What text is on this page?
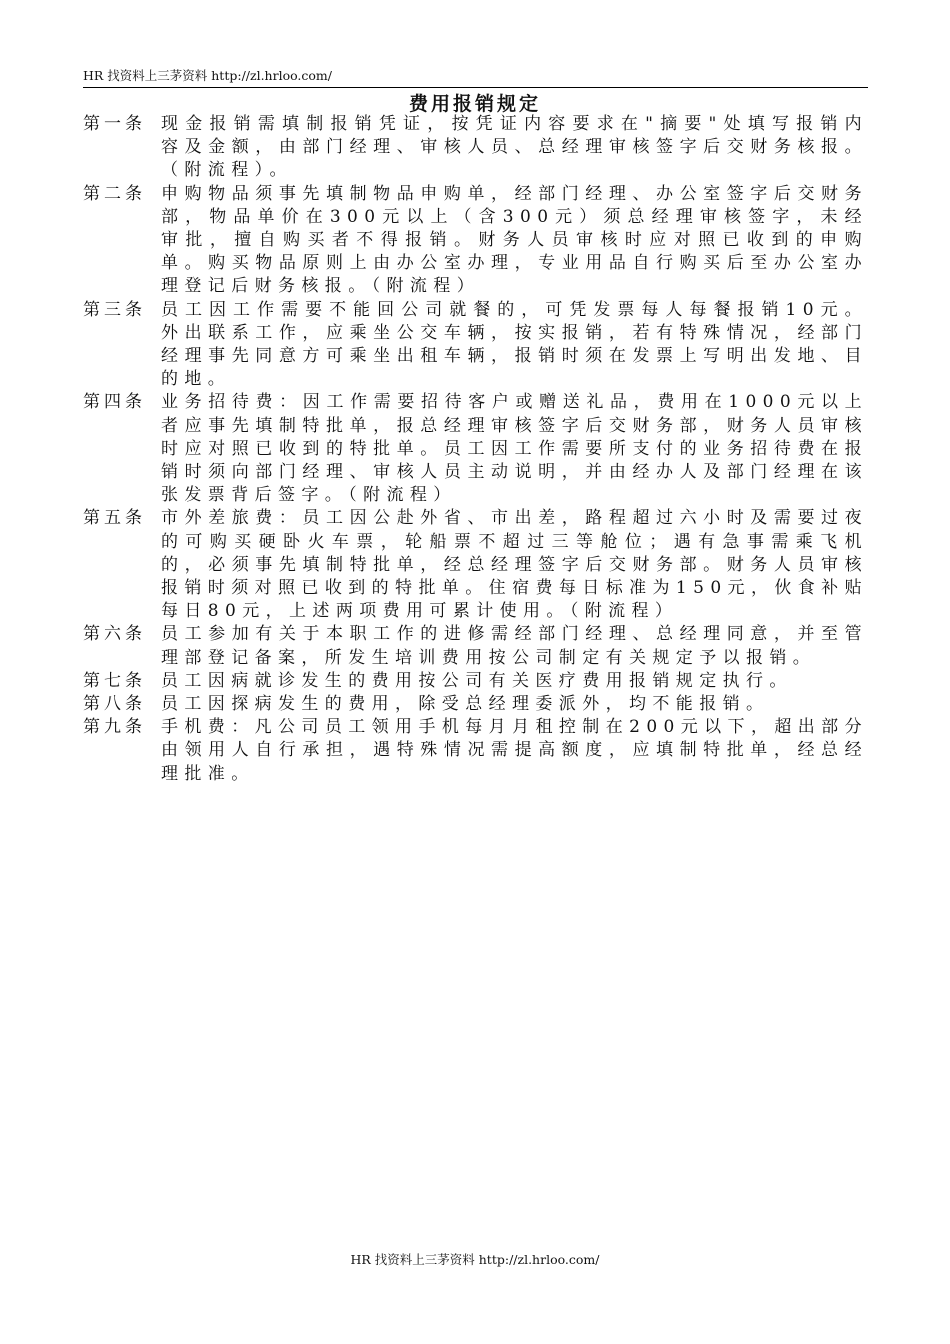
HR 找资料上三茅资料 http://zl.hrloo.com/
费用报销规定
第一条 现金报销需填制报销凭证，按凭证内容要求在"摘要"处填写报销内容及金额，由部门经理、审核人员、总经理审核签字后交财务核报。（附流程）。
第二条 申购物品须事先填制物品申购单，经部门经理、办公室签字后交财务部，物品单价在300元以上（含300元）须总经理审核签字，未经审批，擅自购买者不得报销。财务人员审核时应对照已收到的申购单。购买物品原则上由办公室办理，专业用品自行购买后至办公室办理登记后财务核报。（附流程）
第三条 员工因工作需要不能回公司就餐的，可凭发票每人每餐报销10元。外出联系工作，应乘坐公交车辆，按实报销，若有特殊情况，经部门经理事先同意方可乘坐出租车辆，报销时须在发票上写明出发地、目的地。
第四条 业务招待费：因工作需要招待客户或赠送礼品，费用在1000元以上者应事先填制特批单，报总经理审核签字后交财务部，财务人员审核时应对照已收到的特批单。员工因工作需要所支付的业务招待费在报销时须向部门经理、审核人员主动说明，并由经办人及部门经理在该张发票背后签字。（附流程）
第五条 市外差旅费：员工因公赴外省、市出差，路程超过六小时及需要过夜的可购买硬卧火车票，轮船票不超过三等舱位；遇有急事需乘飞机的，必须事先填制特批单，经总经理签字后交财务部。财务人员审核报销时须对照已收到的特批单。住宿费每日标准为150元，伙食补贴每日80元，上述两项费用可累计使用。（附流程）
第六条 员工参加有关于本职工作的进修需经部门经理、总经理同意，并至管理部登记备案，所发生培训费用按公司制定有关规定予以报销。
第七条 员工因病就诊发生的费用按公司有关医疗费用报销规定执行。
第八条 员工因探病发生的费用，除受总经理委派外，均不能报销。
第九条 手机费：凡公司员工领用手机每月月租控制在200元以下，超出部分由领用人自行承担，遇特殊情况需提高额度，应填制特批单，经总经理批准。
HR 找资料上三茅资料 http://zl.hrloo.com/
